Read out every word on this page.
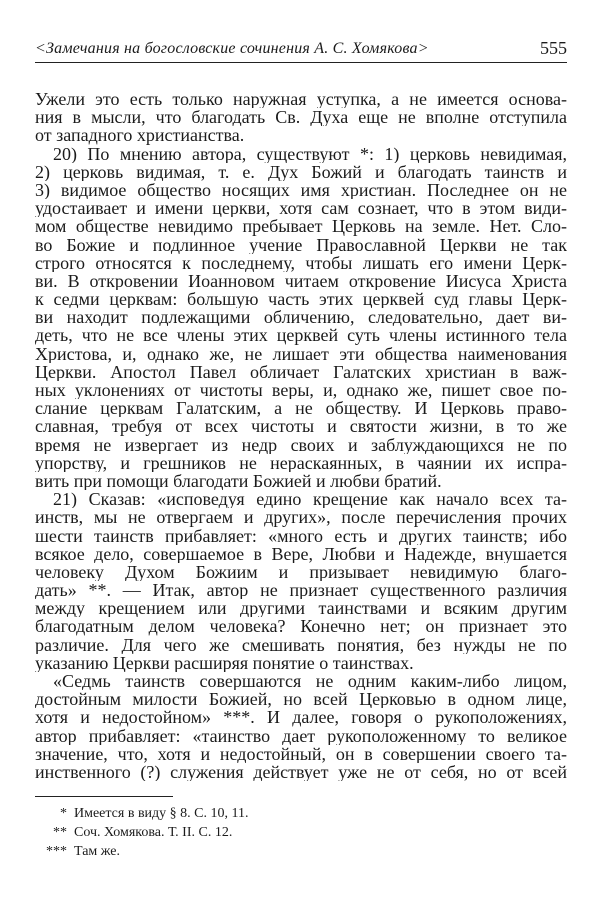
<Замечания на богословские сочинения А. С. Хомякова>	555
Ужели это есть только наружная уступка, а не имеется основа-
ния в мысли, что благодать Св. Духа еще не вполне отступила
от западного христианства.
20) По мнению автора, существуют *: 1) церковь невидимая,
2) церковь видимая, т. е. Дух Божий и благодать таинств и
3) видимое общество носящих имя христиан. Последнее он не
удостаивает и имени церкви, хотя сам сознает, что в этом види-
мом обществе невидимо пребывает Церковь на земле. Нет. Сло-
во Божие и подлинное учение Православной Церкви не так
строго относятся к последнему, чтобы лишать его имени Церк-
ви. В откровении Иоанновом читаем откровение Иисуса Христа
к седми церквам: большую часть этих церквей суд главы Церк-
ви находит подлежащими обличению, следовательно, дает ви-
деть, что не все члены этих церквей суть члены истинного тела
Христова, и, однако же, не лишает эти общества наименования
Церкви. Апостол Павел обличает Галатских христиан в важ-
ных уклонениях от чистоты веры, и, однако же, пишет свое по-
слание церквам Галатским, а не обществу. И Церковь право-
славная, требуя от всех чистоты и святости жизни, в то же
время не извергает из недр своих и заблуждающихся не по
упорству, и грешников не нераскаянных, в чаянии их испра-
вить при помощи благодати Божией и любви братий.
21) Сказав: «исповедуя едино крещение как начало всех та-
инств, мы не отвергаем и других», после перечисления прочих
шести таинств прибавляет: «много есть и других таинств; ибо
всякое дело, совершаемое в Вере, Любви и Надежде, внушается
человеку Духом Божиим и призывает невидимую благо-
дать» **. — Итак, автор не признает существенного различия
между крещением или другими таинствами и всяким другим
благодатным делом человека? Конечно нет; он признает это
различие. Для чего же смешивать понятия, без нужды не по
указанию Церкви расширяя понятие о таинствах.
«Седмь таинств совершаются не одним каким-либо лицом,
достойным милости Божией, но всей Церковью в одном лице,
хотя и недостойном» ***. И далее, говоря о рукоположениях,
автор прибавляет: «таинство дает рукоположенному то великое
значение, что, хотя и недостойный, он в совершении своего та-
инственного (?) служения действует уже не от себя, но от всей
* Имеется в виду § 8. С. 10, 11.
** Соч. Хомякова. Т. II. С. 12.
*** Там же.
